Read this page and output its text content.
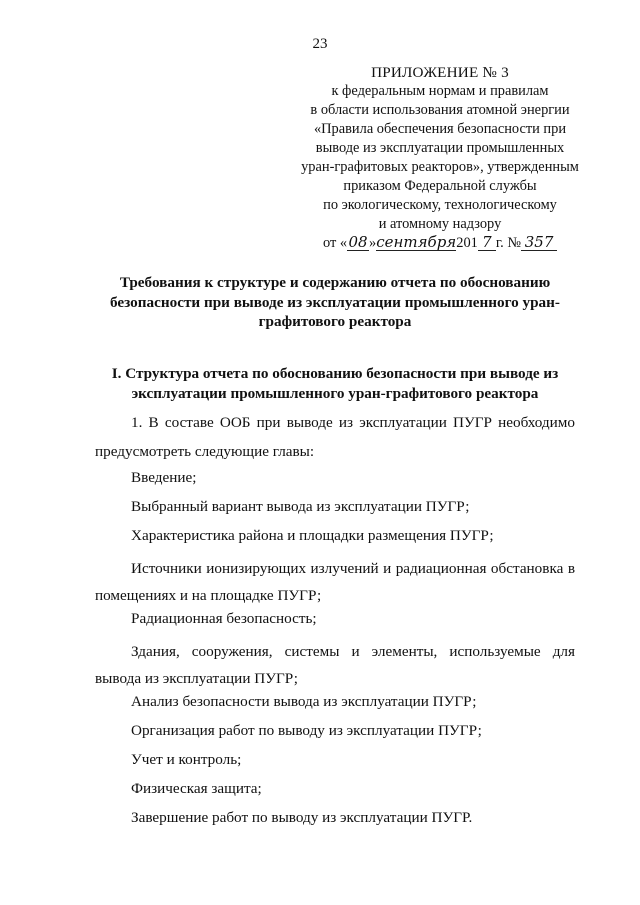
23
ПРИЛОЖЕНИЕ № 3
к федеральным нормам и правилам
в области использования атомной энергии
«Правила обеспечения безопасности при
выводе из эксплуатации промышленных
уран-графитовых реакторов», утвержденным
приказом Федеральной службы
по экологическому, технологическому
и атомному надзору
от «08»сентября201 7 г. № 357
Требования к структуре и содержанию отчета по обоснованию безопасности при выводе из эксплуатации промышленного уран-графитового реактора
I. Структура отчета по обоснованию безопасности при выводе из эксплуатации промышленного уран-графитового реактора

1. В составе ООБ при выводе из эксплуатации ПУГР необходимо предусмотреть следующие главы:

Введение;

Выбранный вариант вывода из эксплуатации ПУГР;

Характеристика района и площадки размещения ПУГР;

Источники ионизирующих излучений и радиационная обстановка в помещениях и на площадке ПУГР;

Радиационная безопасность;

Здания, сооружения, системы и элементы, используемые для вывода из эксплуатации ПУГР;

Анализ безопасности вывода из эксплуатации ПУГР;

Организация работ по выводу из эксплуатации ПУГР;

Учет и контроль;

Физическая защита;

Завершение работ по выводу из эксплуатации ПУГР.
